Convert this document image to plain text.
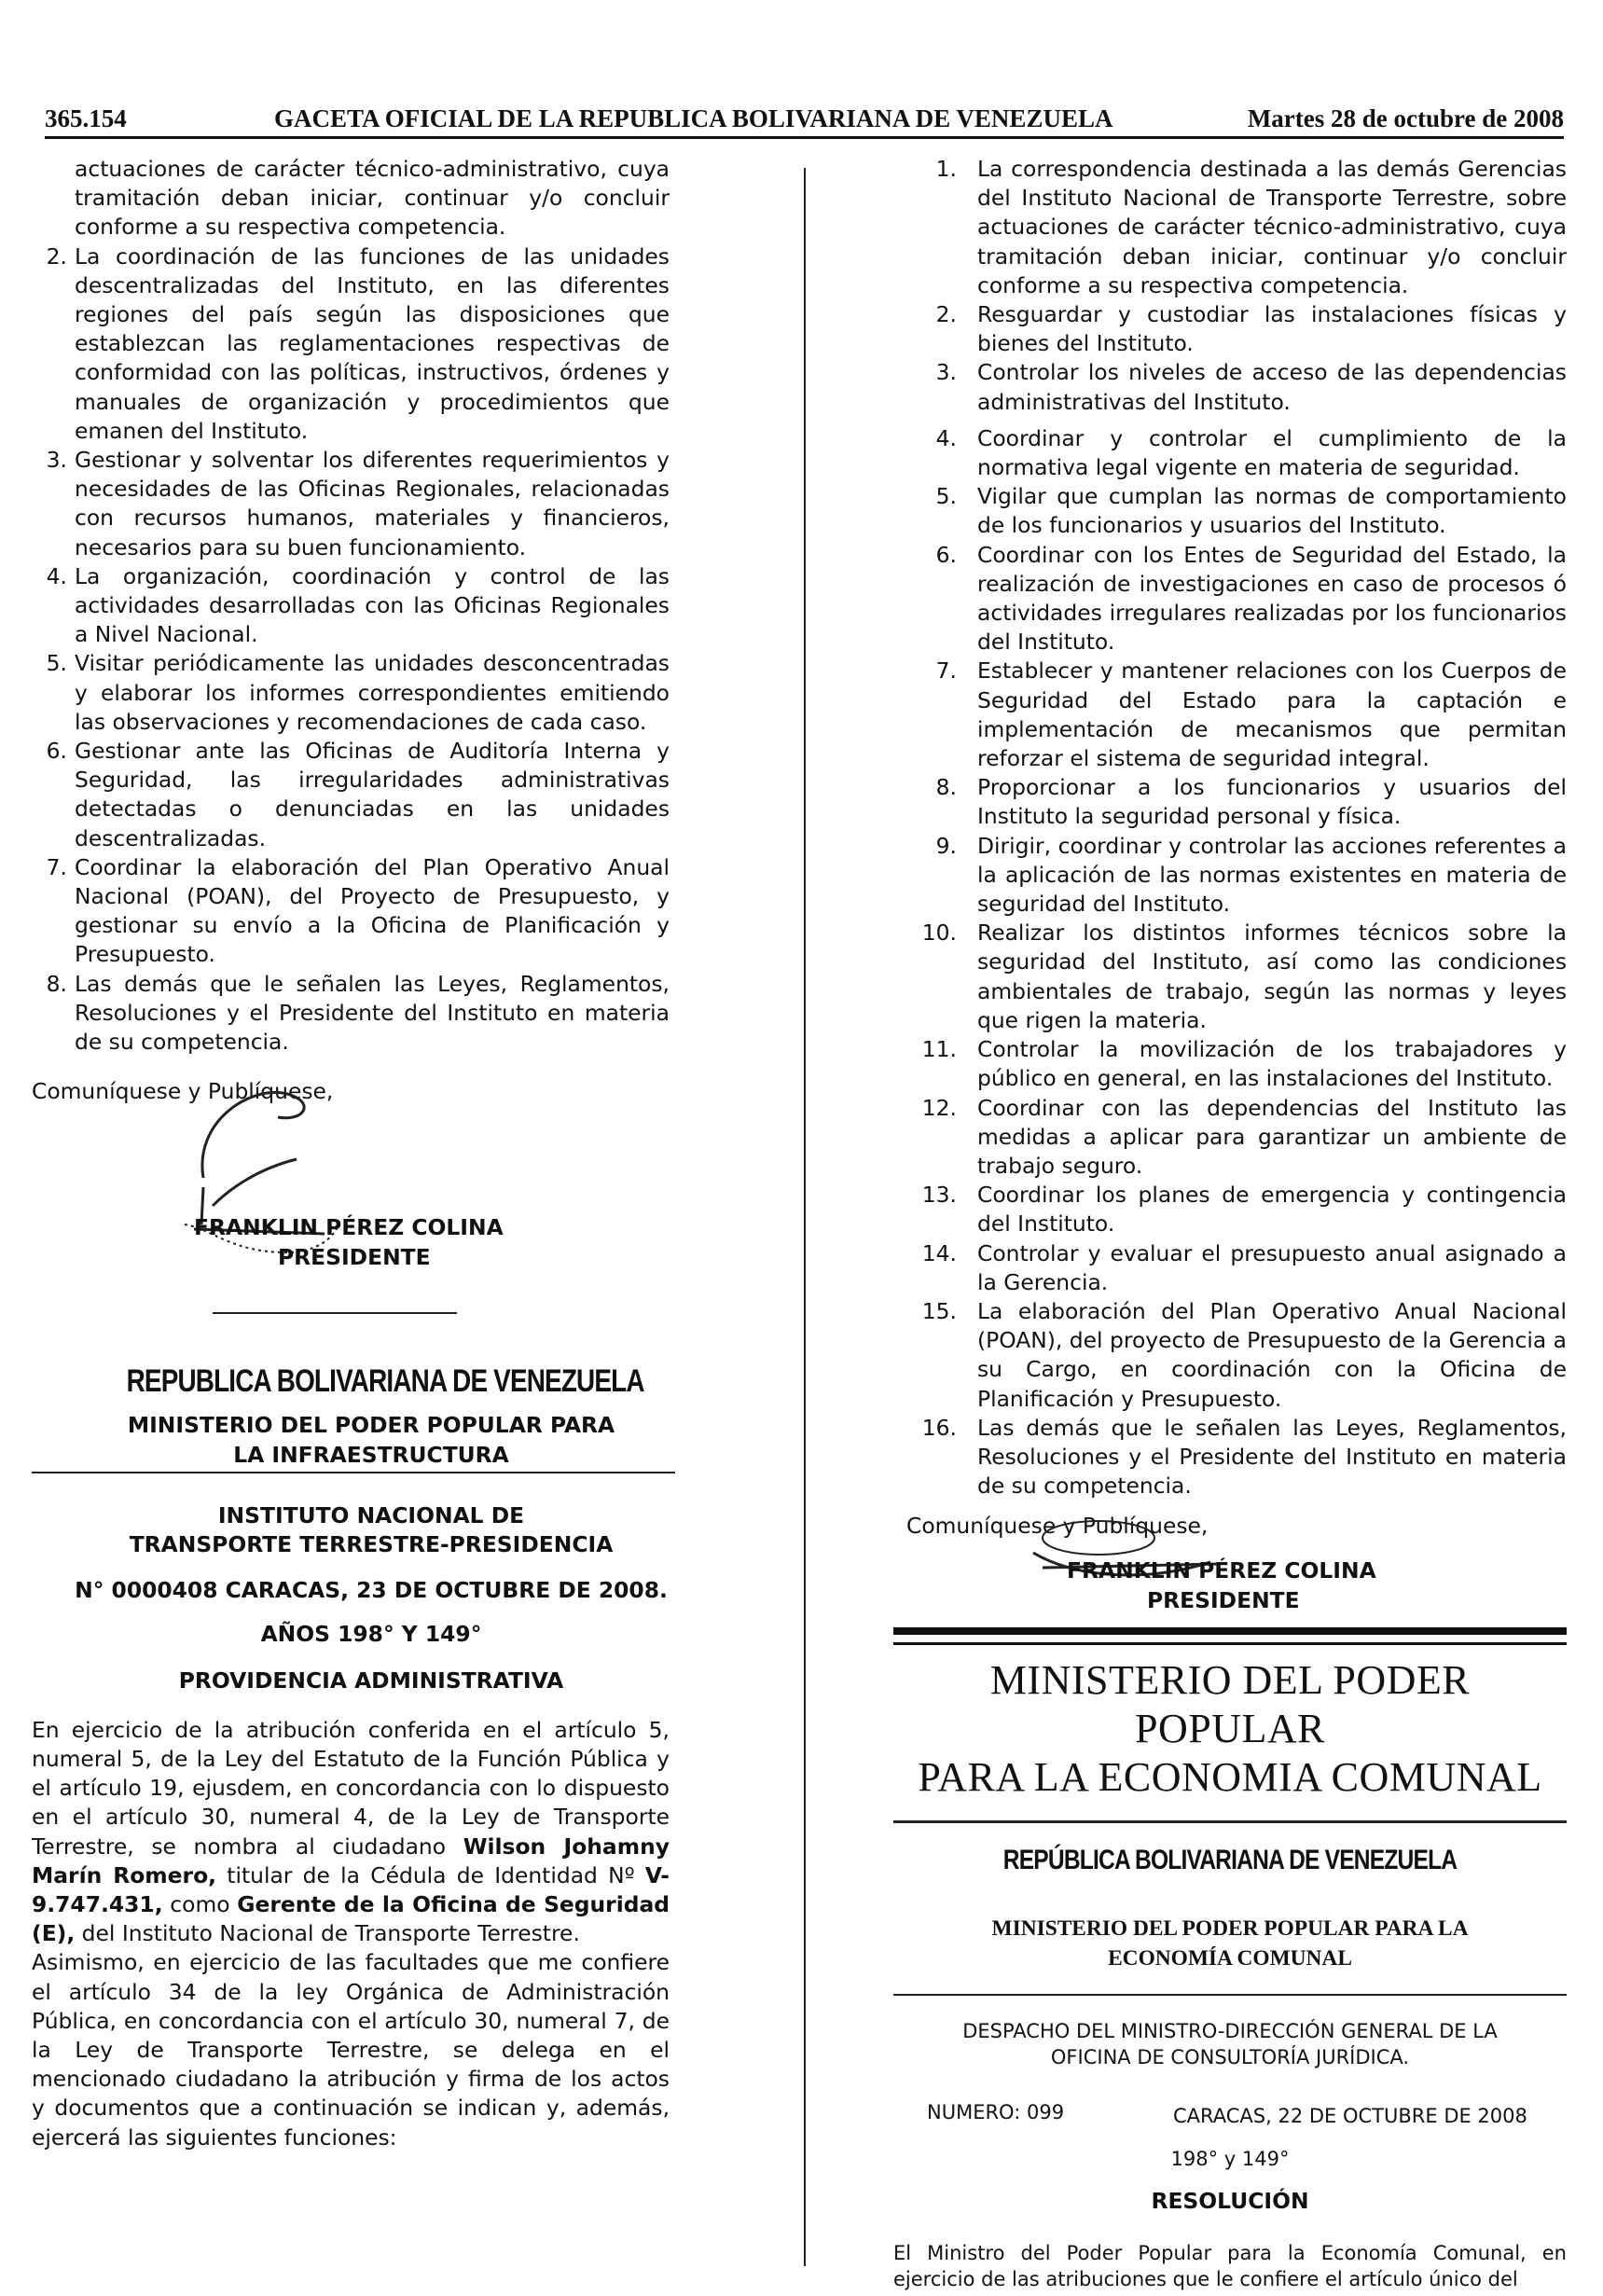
365.154	GACETA OFICIAL DE LA REPUBLICA BOLIVARIANA DE VENEZUELA	Martes 28 de octubre de 2008
actuaciones de carácter técnico-administrativo, cuya tramitación deban iniciar, continuar y/o concluir conforme a su respectiva competencia.
2. La coordinación de las funciones de las unidades descentralizadas del Instituto, en las diferentes regiones del país según las disposiciones que establezcan las reglamentaciones respectivas de conformidad con las políticas, instructivos, órdenes y manuales de organización y procedimientos que emanen del Instituto.
3. Gestionar y solventar los diferentes requerimientos y necesidades de las Oficinas Regionales, relacionadas con recursos humanos, materiales y financieros, necesarios para su buen funcionamiento.
4. La organización, coordinación y control de las actividades desarrolladas con las Oficinas Regionales a Nivel Nacional.
5. Visitar periódicamente las unidades desconcentradas y elaborar los informes correspondientes emitiendo las observaciones y recomendaciones de cada caso.
6. Gestionar ante las Oficinas de Auditoría Interna y Seguridad, las irregularidades administrativas detectadas o denunciadas en las unidades descentralizadas.
7. Coordinar la elaboración del Plan Operativo Anual Nacional (POAN), del Proyecto de Presupuesto, y gestionar su envío a la Oficina de Planificación y Presupuesto.
8. Las demás que le señalen las Leyes, Reglamentos, Resoluciones y el Presidente del Instituto en materia de su competencia.
Comuníquese y Publíquese,
FRANKLIN PÉREZ COLINA
PRESIDENTE
REPUBLICA BOLIVARIANA DE VENEZUELA
MINISTERIO DEL PODER POPULAR PARA LA INFRAESTRUCTURA
INSTITUTO NACIONAL DE
TRANSPORTE TERRESTRE-PRESIDENCIA
N° 0000408 CARACAS, 23 DE OCTUBRE DE 2008.
AÑOS 198° Y 149°
PROVIDENCIA ADMINISTRATIVA
En ejercicio de la atribución conferida en el artículo 5, numeral 5, de la Ley del Estatuto de la Función Pública y el artículo 19, ejusdem, en concordancia con lo dispuesto en el artículo 30, numeral 4, de la Ley de Transporte Terrestre, se nombra al ciudadano Wilson Johamny Marín Romero, titular de la Cédula de Identidad Nº V- 9.747.431, como Gerente de la Oficina de Seguridad (E), del Instituto Nacional de Transporte Terrestre.
Asimismo, en ejercicio de las facultades que me confiere el artículo 34 de la ley Orgánica de Administración Pública, en concordancia con el artículo 30, numeral 7, de la Ley de Transporte Terrestre, se delega en el mencionado ciudadano la atribución y firma de los actos y documentos que a continuación se indican y, además, ejercerá las siguientes funciones:
1. La correspondencia destinada a las demás Gerencias del Instituto Nacional de Transporte Terrestre, sobre actuaciones de carácter técnico-administrativo, cuya tramitación deban iniciar, continuar y/o concluir conforme a su respectiva competencia.
2. Resguardar y custodiar las instalaciones físicas y bienes del Instituto.
3. Controlar los niveles de acceso de las dependencias administrativas del Instituto.
4. Coordinar y controlar el cumplimiento de la normativa legal vigente en materia de seguridad.
5. Vigilar que cumplan las normas de comportamiento de los funcionarios y usuarios del Instituto.
6. Coordinar con los Entes de Seguridad del Estado, la realización de investigaciones en caso de procesos ó actividades irregulares realizadas por los funcionarios del Instituto.
7. Establecer y mantener relaciones con los Cuerpos de Seguridad del Estado para la captación e implementación de mecanismos que permitan reforzar el sistema de seguridad integral.
8. Proporcionar a los funcionarios y usuarios del Instituto la seguridad personal y física.
9. Dirigir, coordinar y controlar las acciones referentes a la aplicación de las normas existentes en materia de seguridad del Instituto.
10. Realizar los distintos informes técnicos sobre la seguridad del Instituto, así como las condiciones ambientales de trabajo, según las normas y leyes que rigen la materia.
11. Controlar la movilización de los trabajadores y público en general, en las instalaciones del Instituto.
12. Coordinar con las dependencias del Instituto las medidas a aplicar para garantizar un ambiente de trabajo seguro.
13. Coordinar los planes de emergencia y contingencia del Instituto.
14. Controlar y evaluar el presupuesto anual asignado a la Gerencia.
15. La elaboración del Plan Operativo Anual Nacional (POAN), del proyecto de Presupuesto de la Gerencia a su Cargo, en coordinación con la Oficina de Planificación y Presupuesto.
16. Las demás que le señalen las Leyes, Reglamentos, Resoluciones y el Presidente del Instituto en materia de su competencia.
Comuníquese y Publíquese,
FRANKLIN PÉREZ COLINA
PRESIDENTE
MINISTERIO DEL PODER POPULAR
PARA LA ECONOMIA COMUNAL
REPÚBLICA BOLIVARIANA DE VENEZUELA
MINISTERIO DEL PODER POPULAR PARA LA
ECONOMÍA COMUNAL
DESPACHO DEL MINISTRO-DIRECCIÓN GENERAL DE LA
OFICINA DE CONSULTORÍA JURÍDICA.
NUMERO: 099	CARACAS, 22 DE OCTUBRE DE 2008
198° y 149°
RESOLUCIÓN
El Ministro del Poder Popular para la Economía Comunal, en ejercicio de las atribuciones que le confiere el artículo único del
